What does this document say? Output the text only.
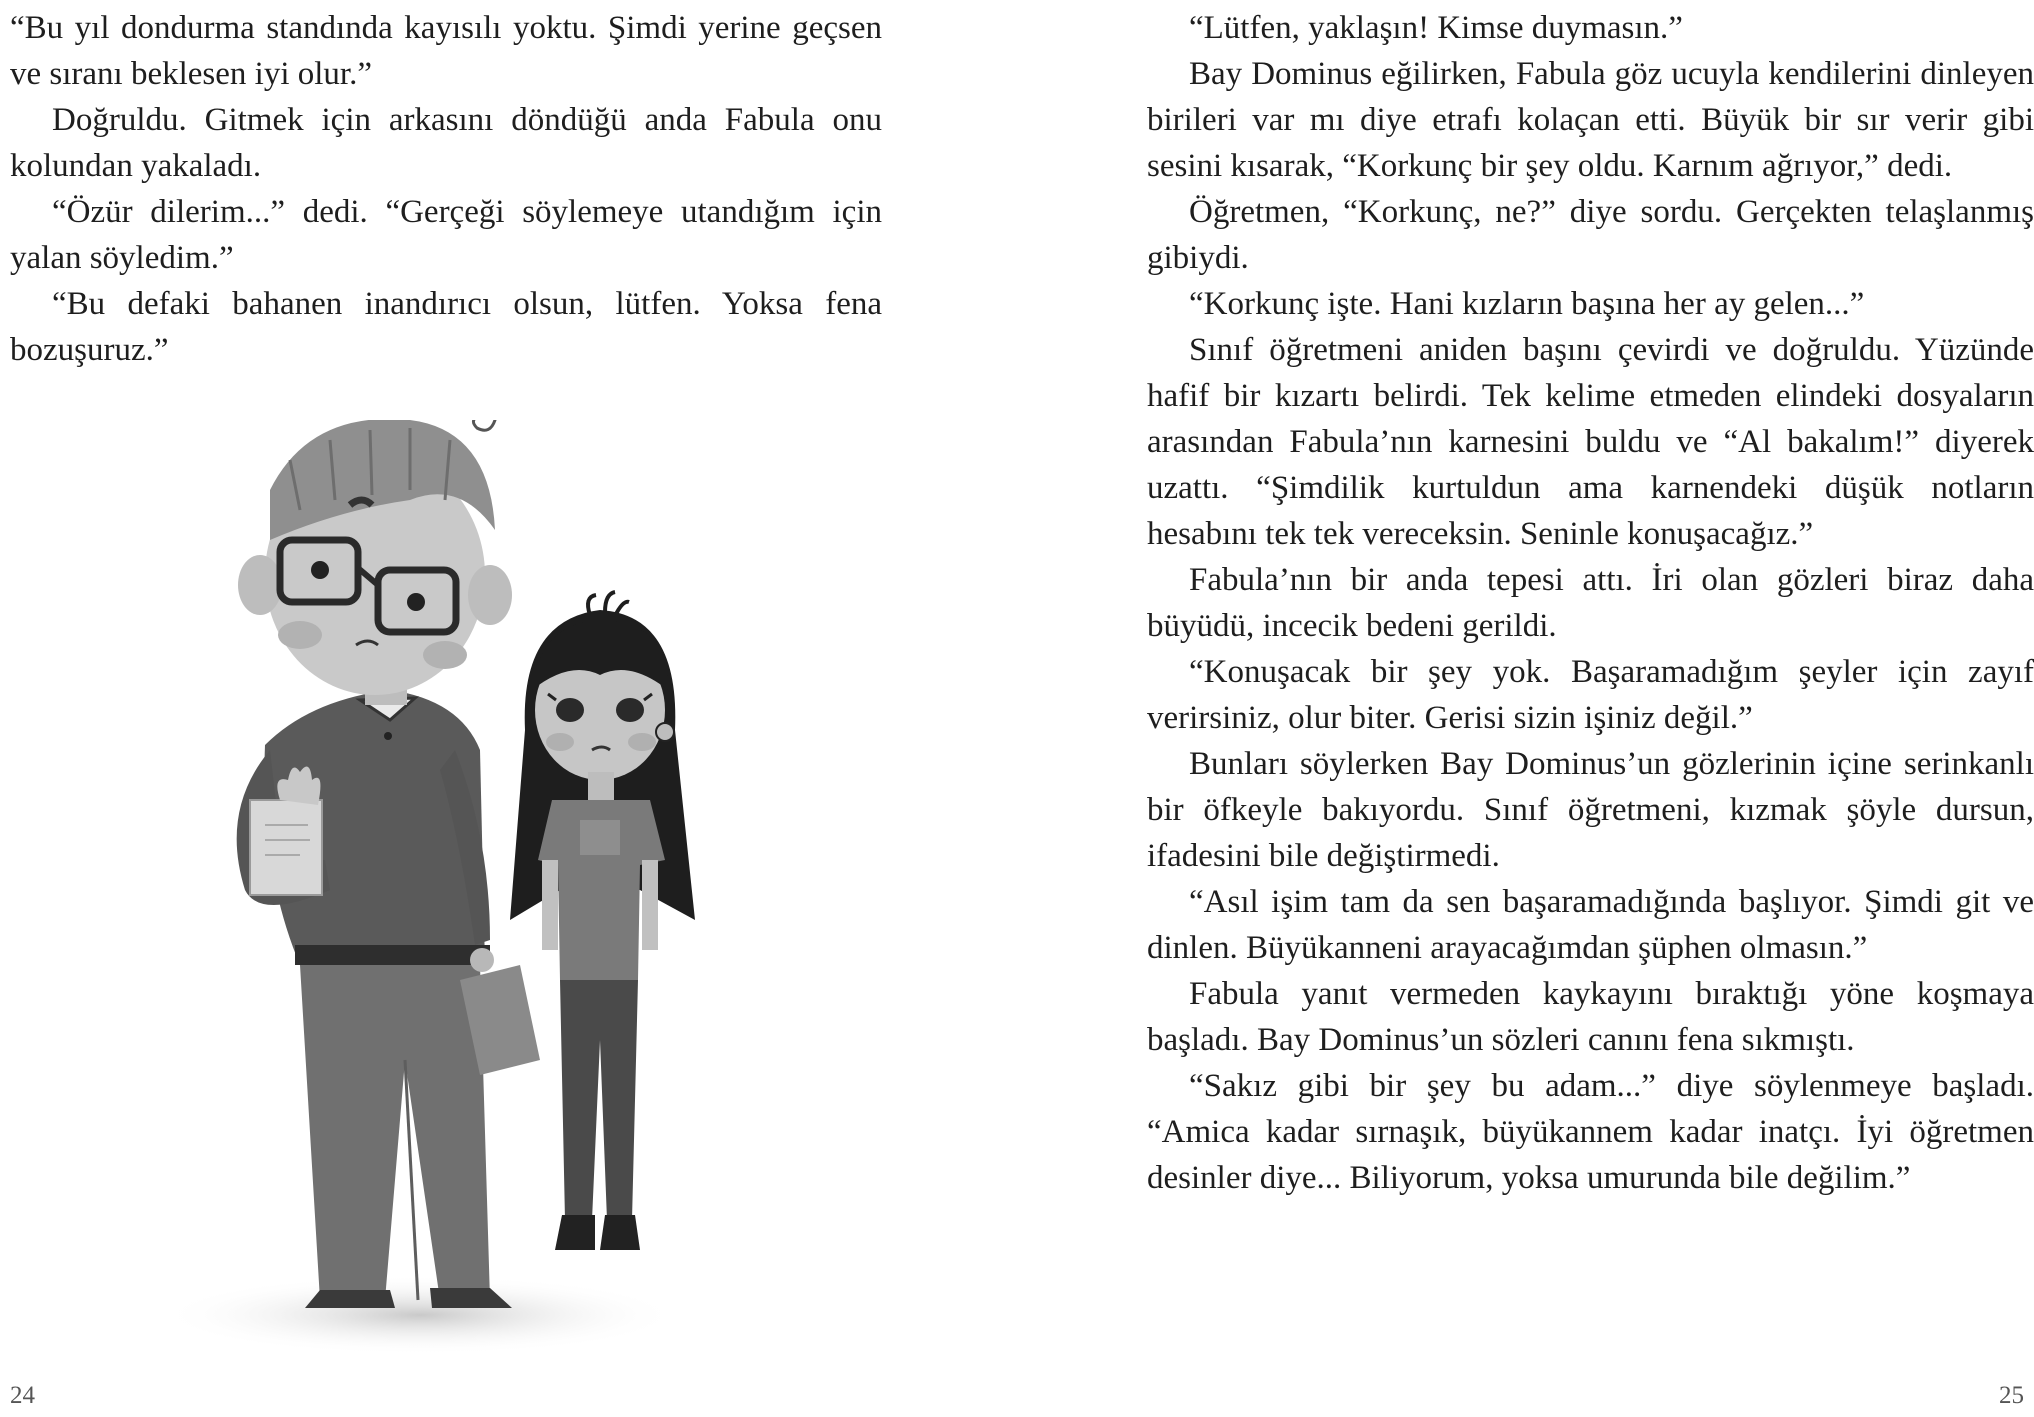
“Bu yıl dondurma standında kayısılı yoktu. Şimdi yerine geçsen ve sıranı beklesen iyi olur.”

Doğruldu. Gitmek için arkasını döndüğü anda Fabula onu kolundan yakaladı.

“Özür dilerim...” dedi. “Gerçeği söylemeye utandığım için yalan söyledim.”

“Bu defaki bahanen inandırıcı olsun, lütfen. Yoksa fena bozuşuruz.”

24

“Lütfen, yaklaşın! Kimse duymasın.”

Bay Dominus eğilirken, Fabula göz ucuyla kendilerini dinleyen birileri var mı diye etrafı kolaçan etti. Büyük bir sır verir gibi sesini kısarak, “Korkunç bir şey oldu. Karnım ağrıyor,” dedi.

Öğretmen, “Korkunç, ne?” diye sordu. Gerçekten telaşlanmış gibiydi.

“Korkunç işte. Hani kızların başına her ay gelen...”

Sınıf öğretmeni aniden başını çevirdi ve doğruldu. Yüzünde hafif bir kızartı belirdi. Tek kelime etmeden elindeki dosyaların arasından Fabula’nın karnesini buldu ve “Al bakalım!” diyerek uzattı. “Şimdilik kurtuldun ama karnendeki düşük notların hesabını tek tek vereceksin. Seninle konuşacağız.”

Fabula’nın bir anda tepesi attı. İri olan gözleri biraz daha büyüdü, incecik bedeni gerildi.

“Konuşacak bir şey yok. Başaramadığım şeyler için zayıf verirsiniz, olur biter. Gerisi sizin işiniz değil.”

Bunları söylerken Bay Dominus’un gözlerinin içine serinkanlı bir öfkeyle bakıyordu. Sınıf öğretmeni, kızmak şöyle dursun, ifadesini bile değiştirmedi.

“Asıl işim tam da sen başaramadığında başlıyor. Şimdi git ve dinlen. Büyükanneni arayacağımdan şüphen olmasın.”

Fabula yanıt vermeden kaykayını bıraktığı yöne koşmaya başladı. Bay Dominus’un sözleri canını fena sıkmıştı.

“Sakız gibi bir şey bu adam...” diye söylenmeye başladı. “Amica kadar sırnaşık, büyükannem kadar inatçı. İyi öğretmen desinler diye... Biliyorum, yoksa umurunda bile değilim.”

25
